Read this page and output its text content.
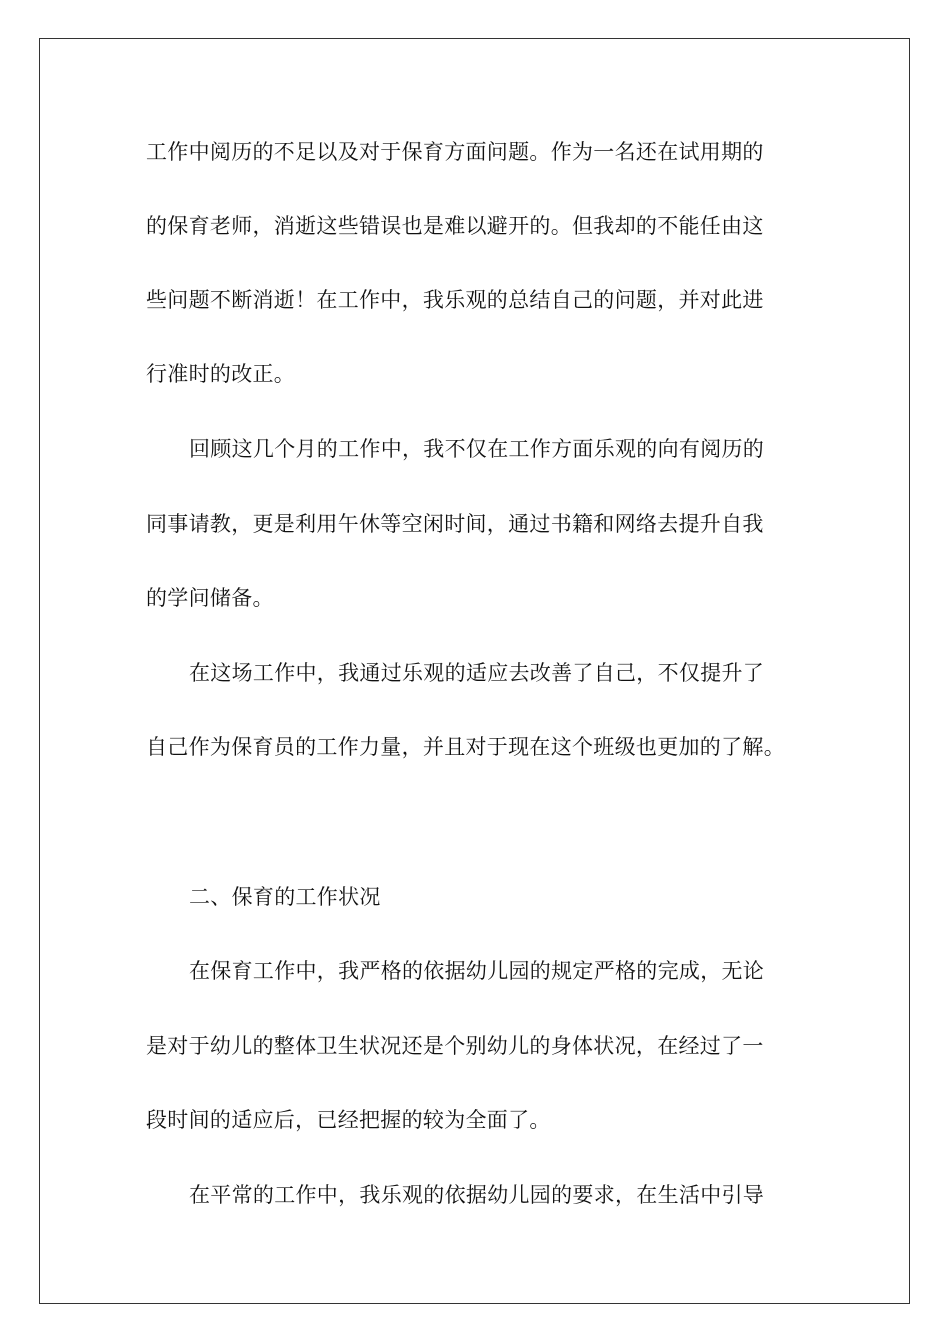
工作中阅历的不足以及对于保育方面问题。作为一名还在试用期的
的保育老师，消逝这些错误也是难以避开的。但我却的不能任由这
些问题不断消逝！在工作中，我乐观的总结自己的问题，并对此进
行准时的改正。
回顾这几个月的工作中，我不仅在工作方面乐观的向有阅历的
同事请教，更是利用午休等空闲时间，通过书籍和网络去提升自我
的学问储备。
在这场工作中，我通过乐观的适应去改善了自己，不仅提升了
自己作为保育员的工作力量，并且对于现在这个班级也更加的了解。
二、保育的工作状况
在保育工作中，我严格的依据幼儿园的规定严格的完成，无论
是对于幼儿的整体卫生状况还是个别幼儿的身体状况，在经过了一
段时间的适应后，已经把握的较为全面了。
在平常的工作中，我乐观的依据幼儿园的要求，在生活中引导
